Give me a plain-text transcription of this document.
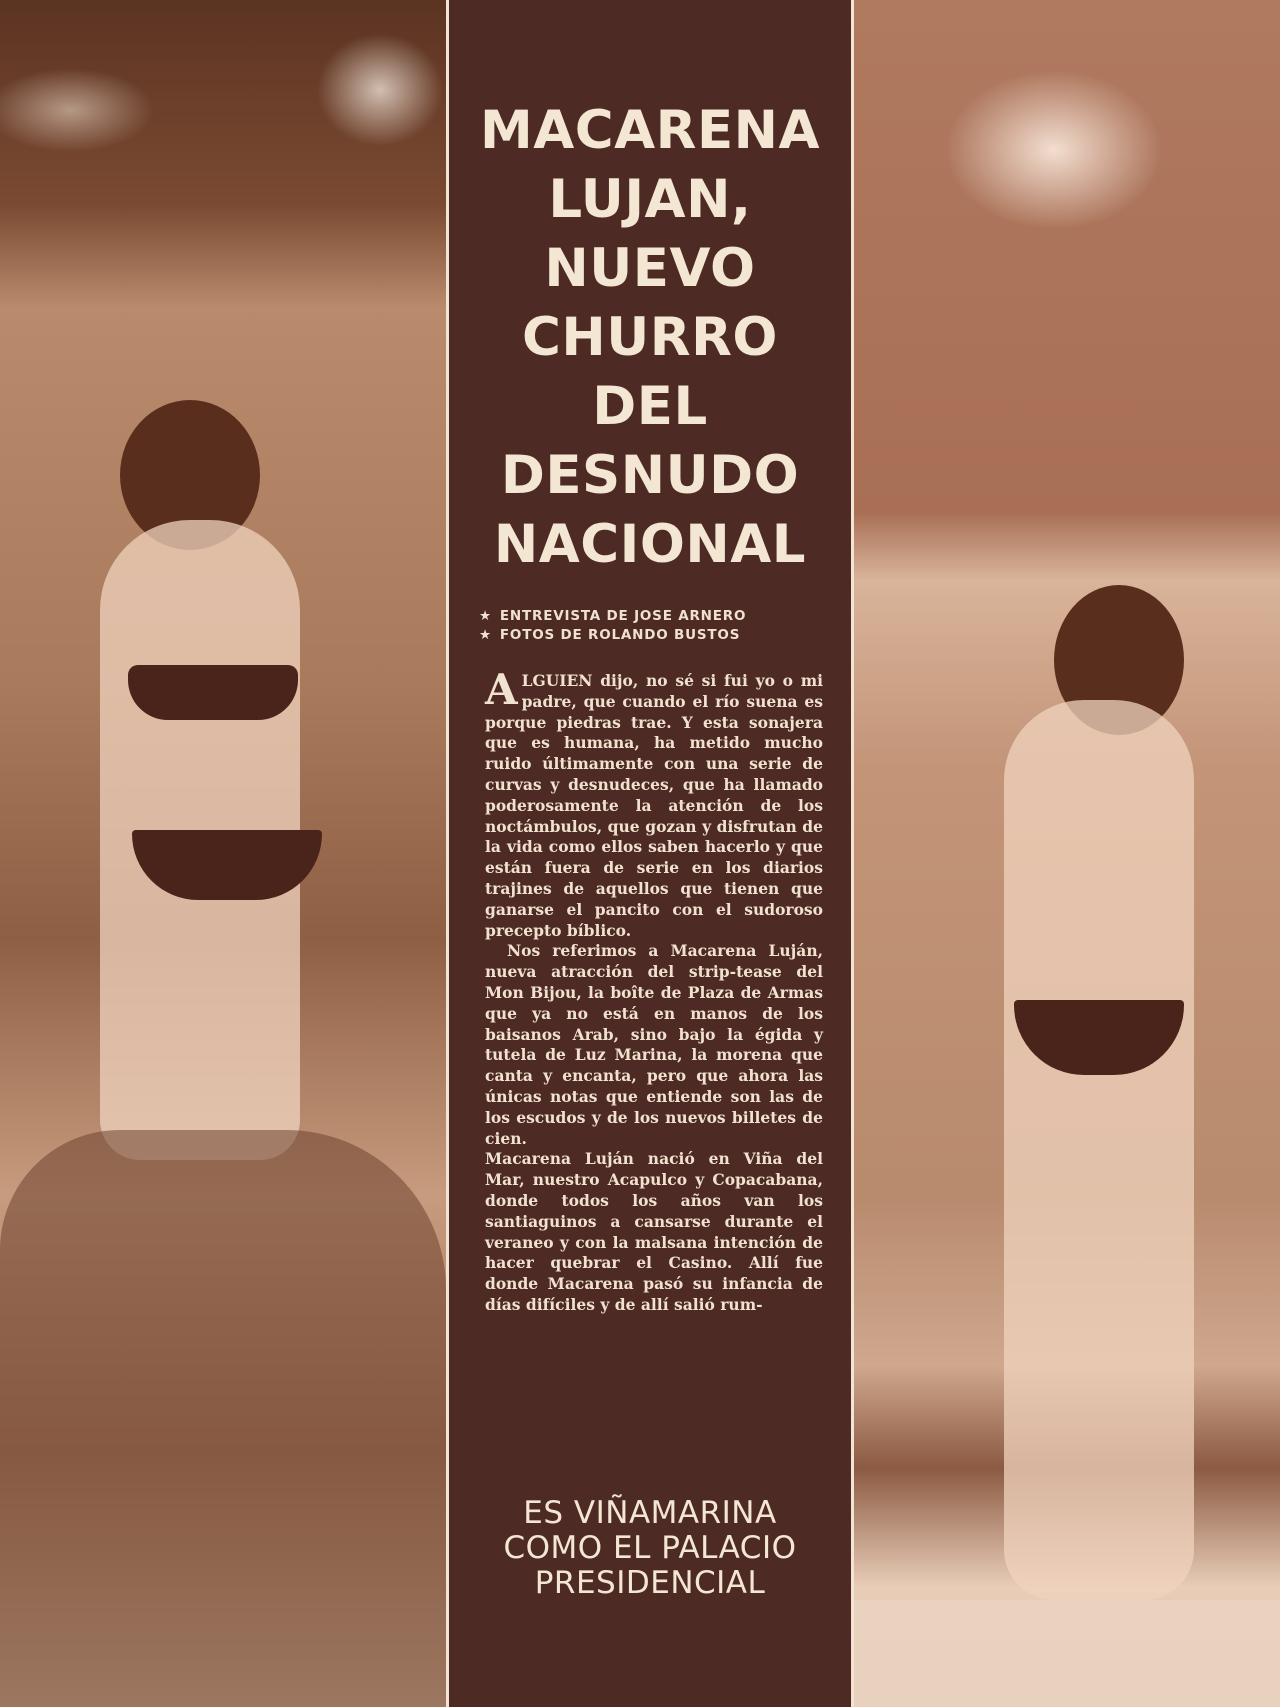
MACARENA
LUJAN,
NUEVO
CHURRO
DEL
DESNUDO
NACIONAL
★ ENTREVISTA DE JOSE ARNERO
★ FOTOS DE ROLANDO BUSTOS

ALGUIEN dijo, no sé si fui yo o mi padre, que cuando el río suena es porque piedras trae. Y esta sonajera que es humana, ha metido mucho ruido últimamente con una serie de curvas y desnudeces, que ha llamado poderosamente la atención de los noctámbulos, que gozan y disfrutan de la vida como ellos saben hacerlo y que están fuera de serie en los diarios trajines de aquellos que tienen que ganarse el pancito con el sudoroso precepto bíblico.

Nos referimos a Macarena Luján, nueva atracción del strip-tease del Mon Bijou, la boîte de Plaza de Armas que ya no está en manos de los baisanos Arab, sino bajo la égida y tutela de Luz Marina, la morena que canta y encanta, pero que ahora las únicas notas que entiende son las de los escudos y de los nuevos billetes de cien.

Macarena Luján nació en Viña del Mar, nuestro Acapulco y Copacabana, donde todos los años van los santiaguinos a cansarse durante el veraneo y con la malsana intención de hacer quebrar el Casino. Allí fue donde Macarena pasó su infancia de días difíciles y de allí salió rum-

ES VIÑAMARINA
COMO EL PALACIO
PRESIDENCIAL
